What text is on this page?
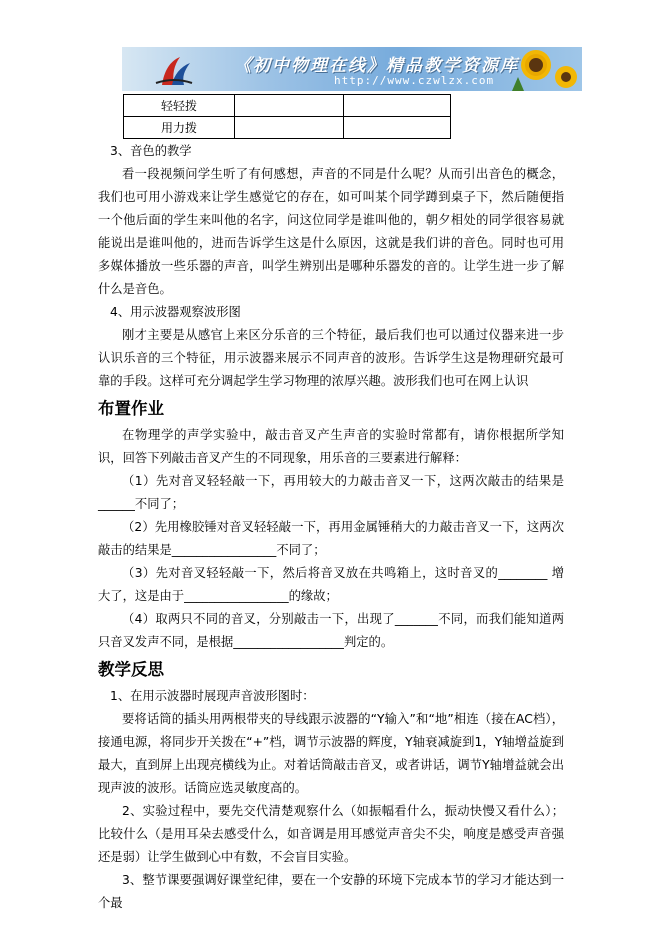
《初中物理在线》精品教学资源库
http://www.czwlzx.com
轻轻拨		
用力拨		

3、音色的教学

看一段视频问学生听了有何感想，声音的不同是什么呢？从而引出音色的概念，我们也可用小游戏来让学生感觉它的存在，如可叫某个同学蹲到桌子下，然后随便指一个他后面的学生来叫他的名字，问这位同学是谁叫他的，朝夕相处的同学很容易就能说出是谁叫他的，进而告诉学生这是什么原因，这就是我们讲的音色。同时也可用多媒体播放一些乐器的声音，叫学生辨别出是哪种乐器发的音的。让学生进一步了解什么是音色。

4、用示波器观察波形图

刚才主要是从感官上来区分乐音的三个特征，最后我们也可以通过仪器来进一步认识乐音的三个特征，用示波器来展示不同声音的波形。告诉学生这是物理研究最可靠的手段。这样可充分调起学生学习物理的浓厚兴趣。波形我们也可在网上认识

布置作业

在物理学的声学实验中，敲击音叉产生声音的实验时常都有，请你根据所学知识，回答下列敲击音叉产生的不同现象，用乐音的三要素进行解释：

（1）先对音叉轻轻敲一下，再用较大的力敲击音叉一下，这两次敲击的结果是______不同了；

（2）先用橡胶锤对音叉轻轻敲一下，再用金属锤稍大的力敲击音叉一下，这两次敲击的结果是_________________不同了；

（3）先对音叉轻轻敲一下，然后将音叉放在共鸣箱上，这时音叉的________ 增大了，这是由于_________________的缘故；

（4）取两只不同的音叉，分别敲击一下，出现了_______不同，而我们能知道两只音叉发声不同，是根据__________________判定的。

教学反思

1、在用示波器时展现声音波形图时：

要将话筒的插头用两根带夹的导线跟示波器的“Y输入”和“地”相连（接在AC档），接通电源，将同步开关拨在“+”档，调节示波器的辉度，Y轴衰减旋到1，Y轴增益旋到最大，直到屏上出现亮横线为止。对着话筒敲击音叉，或者讲话，调节Y轴增益就会出现声波的波形。话筒应选灵敏度高的。

2、实验过程中，要先交代清楚观察什么（如振幅看什么，振动快慢又看什么）；比较什么（是用耳朵去感受什么，如音调是用耳感觉声音尖不尖，响度是感受声音强还是弱）让学生做到心中有数，不会盲目实验。

3、整节课要强调好课堂纪律，要在一个安静的环境下完成本节的学习才能达到一个最
